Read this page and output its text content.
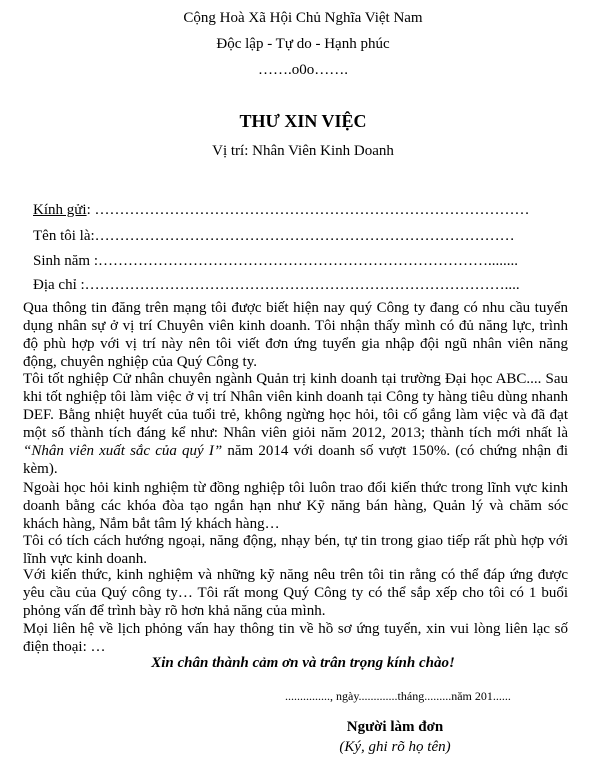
Cộng Hoà Xã Hội Chủ Nghĩa Việt Nam
Độc lập - Tự do - Hạnh phúc
…….o0o…….
THƯ XIN VIỆC
Vị trí: Nhân Viên Kinh Doanh
Kính gửi: ……………………………………………………………………………
Tên tôi là:…………………………………………………………………………
Sinh năm :……………………………………………………………………........
Địa chỉ :…………………………………………………………………………....
Qua thông tin đăng trên mạng tôi được biết hiện nay quý Công ty đang có nhu cầu tuyển dụng nhân sự ở vị trí Chuyên viên kinh doanh. Tôi nhận thấy mình có đủ năng lực, trình độ phù hợp với vị trí này nên tôi viết đơn ứng tuyển gia nhập đội ngũ nhân viên năng động, chuyên nghiệp của Quý Công ty.
Tôi tốt nghiệp Cử nhân chuyên ngành Quản trị kinh doanh tại trường Đại học ABC.... Sau khi tốt nghiệp tôi làm việc ở vị trí Nhân viên kinh doanh tại Công ty hàng tiêu dùng nhanh DEF. Bằng nhiệt huyết của tuổi trẻ, không ngừng học hỏi, tôi cố gắng làm việc và đã đạt một số thành tích đáng kể như: Nhân viên giỏi năm 2012, 2013; thành tích mới nhất là “Nhân viên xuất sắc của quý I” năm 2014 với doanh số vượt 150%. (có chứng nhận đi kèm).
Ngoài học hỏi kinh nghiệm từ đồng nghiệp tôi luôn trao đổi kiến thức trong lĩnh vực kinh doanh bằng các khóa đòa tạo ngắn hạn như Kỹ năng bán hàng, Quản lý và chăm sóc khách hàng, Nắm bắt tâm lý khách hàng…
Tôi có tích cách hướng ngoại, năng động, nhạy bén, tự tin trong giao tiếp rất phù hợp với lĩnh vực kinh doanh.
Với kiến thức, kinh nghiệm và những kỹ năng nêu trên tôi tin rằng có thể đáp ứng được yêu cầu của Quý công ty… Tôi rất mong Quý Công ty có thể sắp xếp cho tôi có 1 buổi phỏng vấn để trình bày rõ hơn khả năng của mình.
Mọi liên hệ về lịch phỏng vấn hay thông tin về hồ sơ ứng tuyển, xin vui lòng liên lạc số điện thoại: …
Xin chân thành cảm ơn và trân trọng kính chào!
..............., ngày.............tháng.........năm 201......
Người làm đơn
(Ký, ghi rõ họ tên)
